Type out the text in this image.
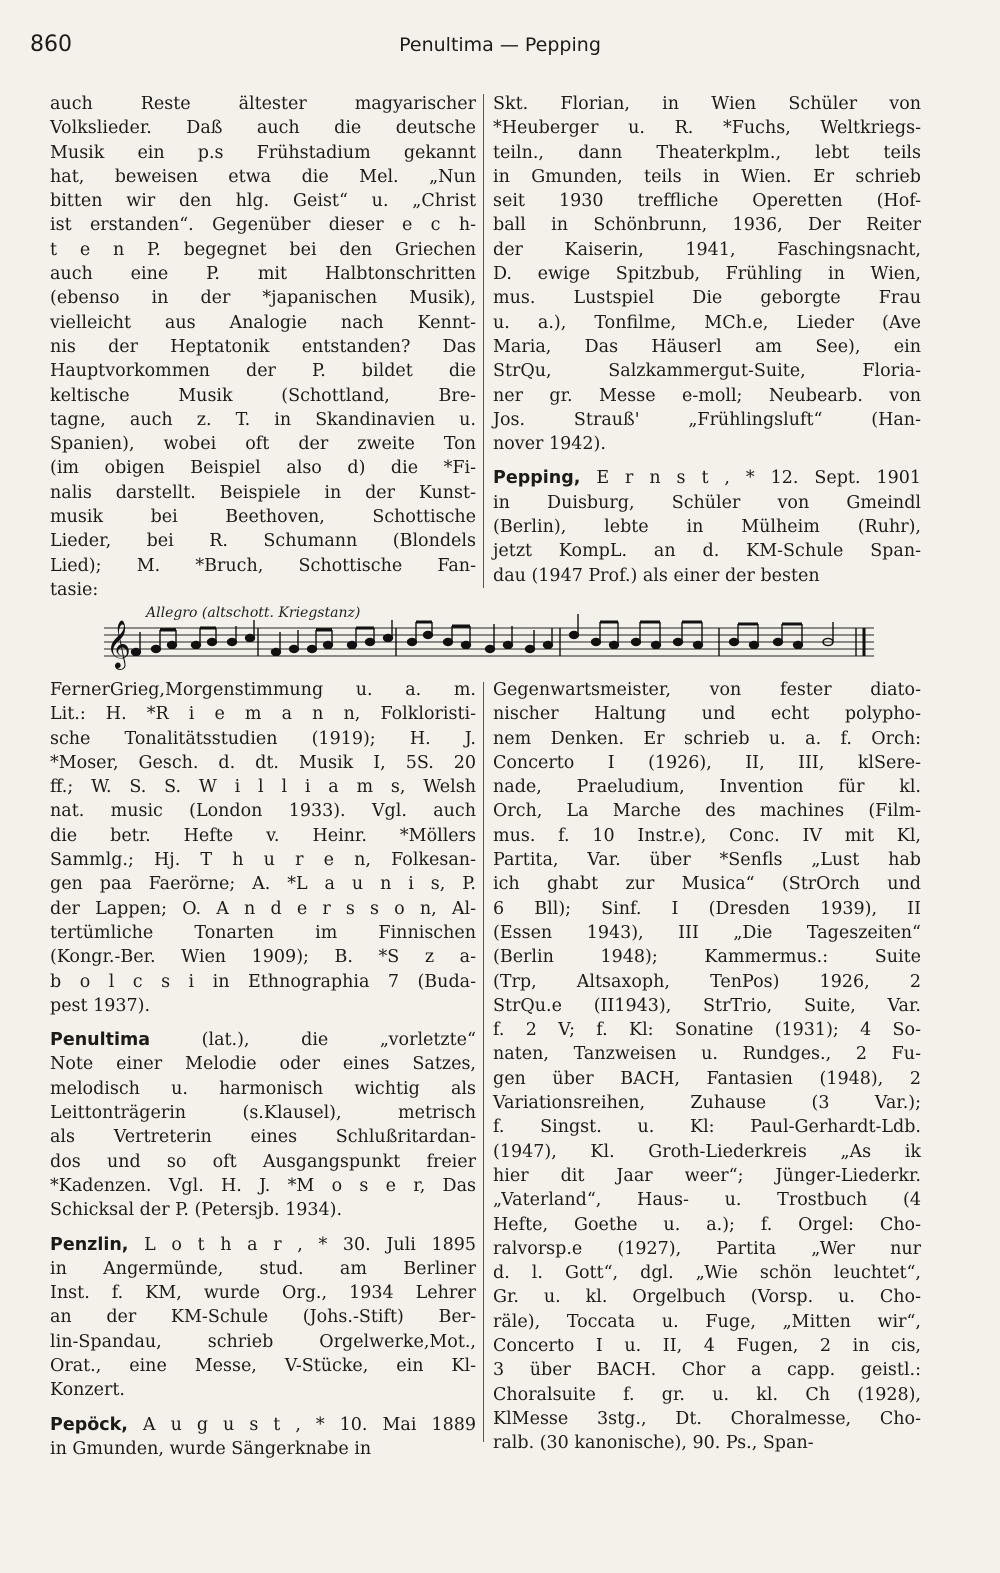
860	Penultima — Pepping
auch Reste ältester magyarischer
Volkslieder. Daß auch die deutsche
Musik ein p.s Frühstadium gekannt
hat, beweisen etwa die Mel. „Nun
bitten wir den hlg. Geist“ u. „Christ
ist erstanden“. Gegenüber dieser e c h-
t e n P. begegnet bei den Griechen
auch eine P. mit Halbtonschritten
(ebenso in der *japanischen Musik),
vielleicht aus Analogie nach Kennt-
nis der Heptatonik entstanden? Das
Hauptvorkommen der P. bildet die
keltische Musik (Schottland, Bre-
tagne, auch z. T. in Skandinavien u.
Spanien), wobei oft der zweite Ton
(im obigen Beispiel also d) die *Fi-
nalis darstellt. Beispiele in der Kunst-
musik bei Beethoven, Schottische
Lieder, bei R. Schumann (Blondels
Lied); M. *Bruch, Schottische Fan-
tasie:
Skt. Florian, in Wien Schüler von
*Heuberger u. R. *Fuchs, Weltkriegs-
teiln., dann Theaterkplm., lebt teils
in Gmunden, teils in Wien. Er schrieb
seit 1930 treffliche Operetten (Hof-
ball in Schönbrunn, 1936, Der Reiter
der Kaiserin, 1941, Faschingsnacht,
D. ewige Spitzbub, Frühling in Wien,
mus. Lustspiel Die geborgte Frau
u. a.), Tonfilme, MCh.e, Lieder (Ave
Maria, Das Häuserl am See), ein
StrQu, Salzkammergut-Suite, Floria-
ner gr. Messe e-moll; Neubearb. von
Jos. Strauß' „Frühlingsluft“ (Han-
nover 1942).
Pepping, E r n s t , * 12. Sept. 1901
in Duisburg, Schüler von Gmeindl
(Berlin), lebte in Mülheim (Ruhr),
jetzt KompL. an d. KM-Schule Span-
dau (1947 Prof.) als einer der besten
Allegro (altschott. Kriegstanz)
𝄞
FernerGrieg,Morgenstimmung u. a. m.
Lit.: H. *R i e m a n n, Folkloristi-
sche Tonalitätsstudien (1919); H. J.
*Moser, Gesch. d. dt. Musik I, 5S. 20
ff.; W. S. S. W i l l i a m s, Welsh
nat. music (London 1933). Vgl. auch
die betr. Hefte v. Heinr. *Möllers
Sammlg.; Hj. T h u r e n, Folkesan-
gen paa Faerörne; A. *L a u n i s, P.
der Lappen; O. A n d e r s s o n, Al-
tertümliche Tonarten im Finnischen
(Kongr.-Ber. Wien 1909); B. *S z a-
b o l c s i in Ethnographia 7 (Buda-
pest 1937).
Penultima	(lat.), die „vorletzte“
Note einer Melodie oder eines Satzes,
melodisch u. harmonisch wichtig als
Leittonträgerin (s.Klausel), metrisch
als Vertreterin eines Schlußritardan-
dos und so oft Ausgangspunkt freier
*Kadenzen. Vgl. H. J. *M o s e r, Das
Schicksal der P. (Petersjb. 1934).
Penzlin, L o t h a r , * 30. Juli 1895
in Angermünde, stud. am Berliner
Inst. f. KM, wurde Org., 1934 Lehrer
an der KM-Schule (Johs.-Stift) Ber-
lin-Spandau, schrieb Orgelwerke,Mot.,
Orat., eine Messe, V-Stücke, ein Kl-
Konzert.
Pepöck, A u g u s t , * 10. Mai 1889
in Gmunden, wurde Sängerknabe in
Gegenwartsmeister, von fester diato-
nischer Haltung und echt polypho-
nem Denken. Er schrieb u. a. f. Orch:
Concerto I (1926), II, III, klSere-
nade, Praeludium, Invention für kl.
Orch, La Marche des machines (Film-
mus. f. 10 Instr.e), Conc. IV mit Kl,
Partita, Var. über *Senfls „Lust hab
ich ghabt zur Musica“ (StrOrch und
6 Bll); Sinf. I (Dresden 1939), II
(Essen 1943), III „Die Tageszeiten“
(Berlin 1948); Kammermus.: Suite
(Trp, Altsaxoph, TenPos) 1926, 2
StrQu.e (II1943), StrTrio, Suite, Var.
f. 2 V; f. Kl: Sonatine (1931); 4 So-
naten, Tanzweisen u. Rundges., 2 Fu-
gen über BACH, Fantasien (1948), 2
Variationsreihen, Zuhause (3 Var.);
f. Singst. u. Kl: Paul-Gerhardt-Ldb.
(1947), Kl. Groth-Liederkreis „As ik
hier dit Jaar weer“; Jünger-Liederkr.
„Vaterland“, Haus- u. Trostbuch (4
Hefte, Goethe u. a.); f. Orgel: Cho-
ralvorsp.e (1927), Partita „Wer nur
d. l. Gott“, dgl. „Wie schön leuchtet“,
Gr. u. kl. Orgelbuch (Vorsp. u. Cho-
räle), Toccata u. Fuge, „Mitten wir“,
Concerto I u. II, 4 Fugen, 2 in cis,
3 über BACH. Chor a capp. geistl.:
Choralsuite f. gr. u. kl. Ch (1928),
KlMesse 3stg., Dt. Choralmesse, Cho-
ralb. (30 kanonische), 90. Ps., Span-
